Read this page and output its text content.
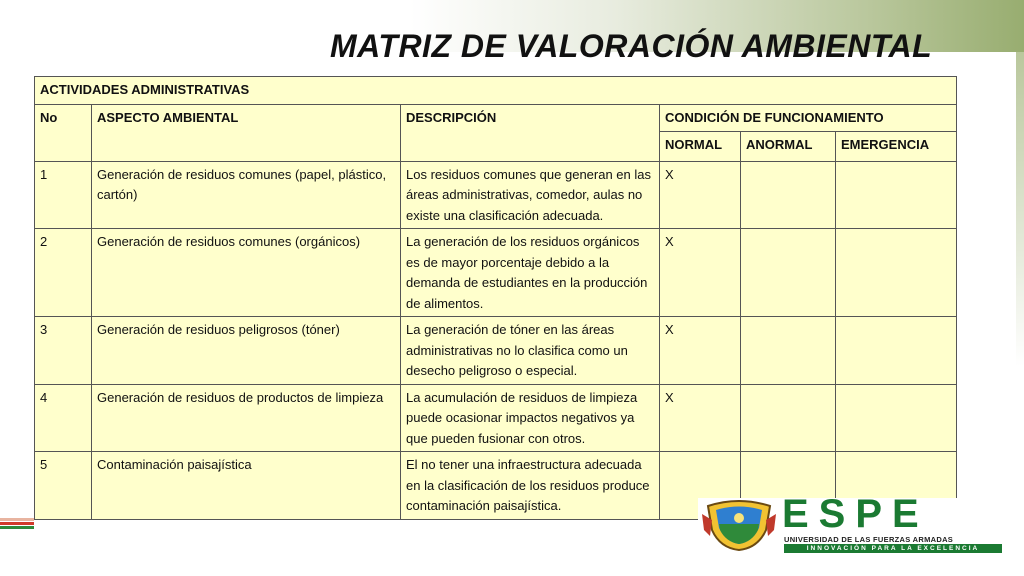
MATRIZ DE VALORACIÓN AMBIENTAL
ACTIVIDADES ADMINISTRATIVAS					
No	ASPECTO AMBIENTAL	DESCRIPCIÓN	CONDICIÓN DE FUNCIONAMIENTO		
			NORMAL	ANORMAL	EMERGENCIA
1	Generación de residuos comunes (papel, plástico, cartón)	Los residuos comunes que generan en las áreas administrativas, comedor, aulas no existe una clasificación adecuada.	X		
2	Generación de residuos comunes (orgánicos)	La generación de los residuos orgánicos es de mayor porcentaje debido a la demanda de estudiantes en la producción de alimentos.	X		
3	Generación de residuos peligrosos (tóner)	La generación de tóner en las áreas administrativas no lo clasifica como un desecho peligroso o especial.	X		
4	Generación de residuos de productos de limpieza	La acumulación de residuos de limpieza puede ocasionar impactos negativos ya que pueden fusionar con otros.	X		
5	Contaminación paisajística	El no tener una infraestructura adecuada en la clasificación de los residuos produce contaminación paisajística.				ESPE
UNIVERSIDAD DE LAS FUERZAS ARMADAS
INNOVACIÓN PARA LA EXCELENCIA
